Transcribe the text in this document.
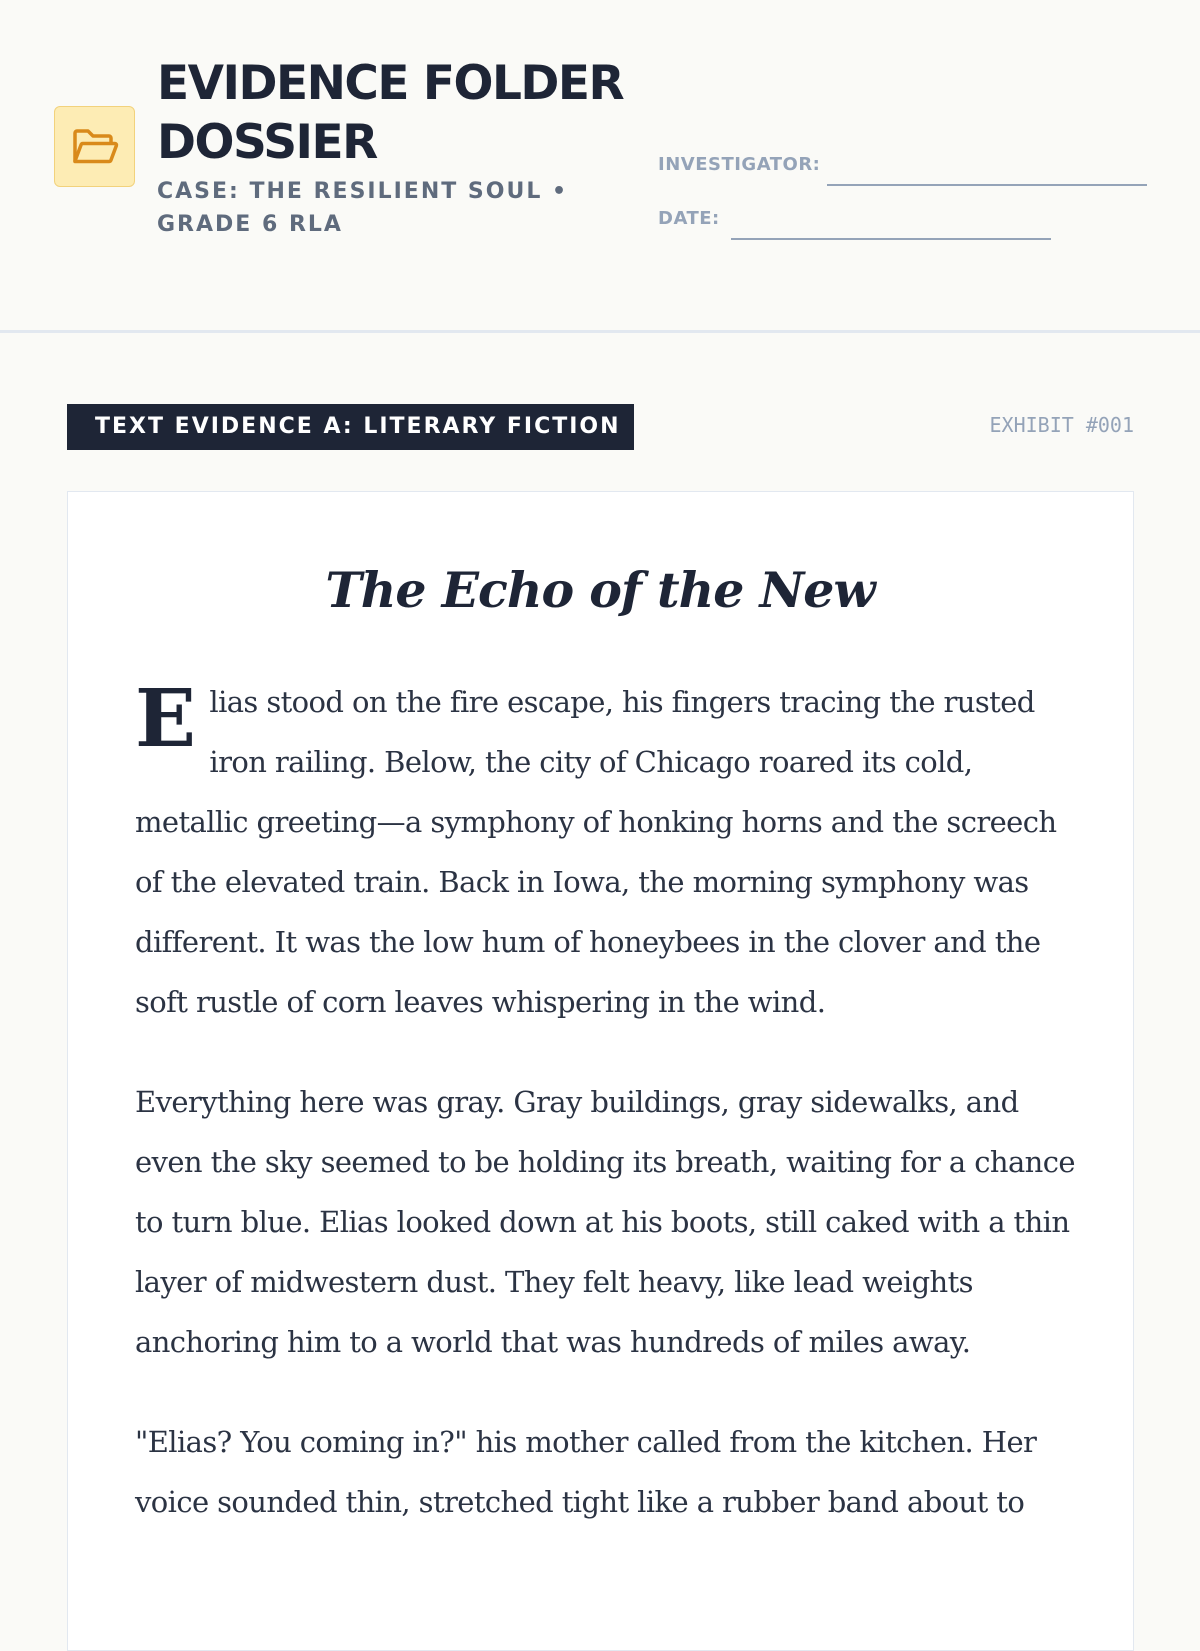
EVIDENCE FOLDER DOSSIER
CASE: THE RESILIENT SOUL • GRADE 6 RLA
INVESTIGATOR:
DATE:
TEXT EVIDENCE A: LITERARY FICTION	EXHIBIT #001
The Echo of the New

Elias stood on the fire escape, his fingers tracing the rusted iron railing. Below, the city of Chicago roared its cold, metallic greeting—a symphony of honking horns and the screech of the elevated train. Back in Iowa, the morning symphony was different. It was the low hum of honeybees in the clover and the soft rustle of corn leaves whispering in the wind.

Everything here was gray. Gray buildings, gray sidewalks, and even the sky seemed to be holding its breath, waiting for a chance to turn blue. Elias looked down at his boots, still caked with a thin layer of midwestern dust. They felt heavy, like lead weights anchoring him to a world that was hundreds of miles away.

"Elias? You coming in?" his mother called from the kitchen. Her voice sounded thin, stretched tight like a rubber band about to
